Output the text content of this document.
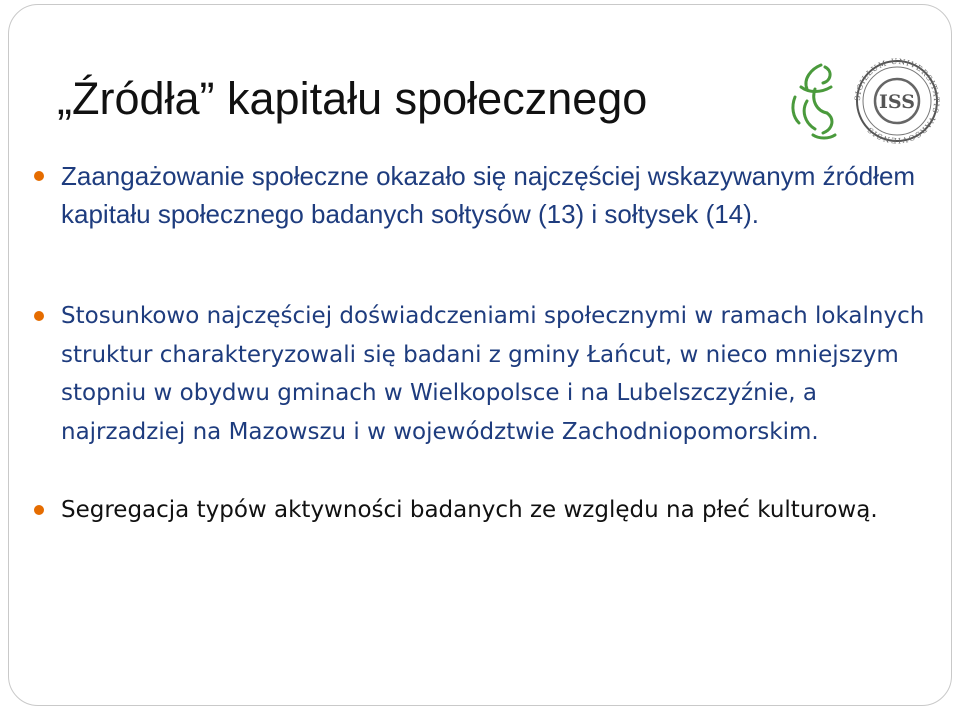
„Źródła” kapitału społecznego	SIGILLUM UNIVERSITATIS VARSOVIENSIS
ISS
Zaangażowanie społeczne okazało się najczęściej wskazywanym źródłem kapitału społecznego badanych sołtysów (13) i sołtysek (14).
Stosunkowo najczęściej doświadczeniami społecznymi w ramach lokalnych struktur charakteryzowali się badani z gminy Łańcut, w nieco mniejszym stopniu w obydwu gminach w Wielkopolsce i na Lubelszczyźnie, a najrzadziej na Mazowszu i w województwie Zachodniopomorskim.
Segregacja typów aktywności badanych ze względu na płeć kulturową.
